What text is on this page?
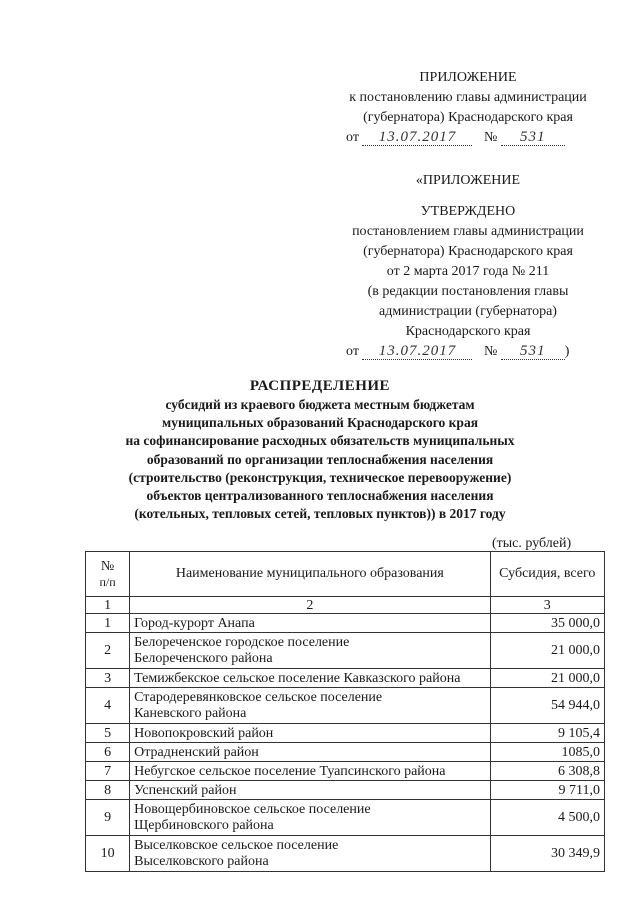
ПРИЛОЖЕНИЕ
к постановлению главы администрации
(губернатора) Краснодарского края
от 13.07.2017 № 531
«ПРИЛОЖЕНИЕ
УТВЕРЖДЕНО
постановлением главы администрации
(губернатора) Краснодарского края
от 2 марта 2017 года № 211
(в редакции постановления главы
администрации (губернатора)
Краснодарского края
от 13.07.2017 № 531 )
РАСПРЕДЕЛЕНИЕ
субсидий из краевого бюджета местным бюджетам
муниципальных образований Краснодарского края
на софинансирование расходных обязательств муниципальных
образований по организации теплоснабжения населения
(строительство (реконструкция, техническое перевооружение)
объектов централизованного теплоснабжения населения
(котельных, тепловых сетей, тепловых пунктов)) в 2017 году
(тыс. рублей)
№
п/п	Наименование муниципального образования	Субсидия, всего
1	2	3
1	Город-курорт Анапа	35 000,0
2	Белореченское городское поселение
Белореченского района	21 000,0
3	Темижбекское сельское поселение Кавказского района	21 000,0
4	Стародеревянковское сельское поселение
Каневского района	54 944,0
5	Новопокровский район	9 105,4
6	Отрадненский район	1085,0
7	Небугское сельское поселение Туапсинского района	6 308,8
8	Успенский район	9 711,0
9	Новощербиновское сельское поселение
Щербиновского района	4 500,0
10	Выселковское сельское поселение
Выселковского района	30 349,9
